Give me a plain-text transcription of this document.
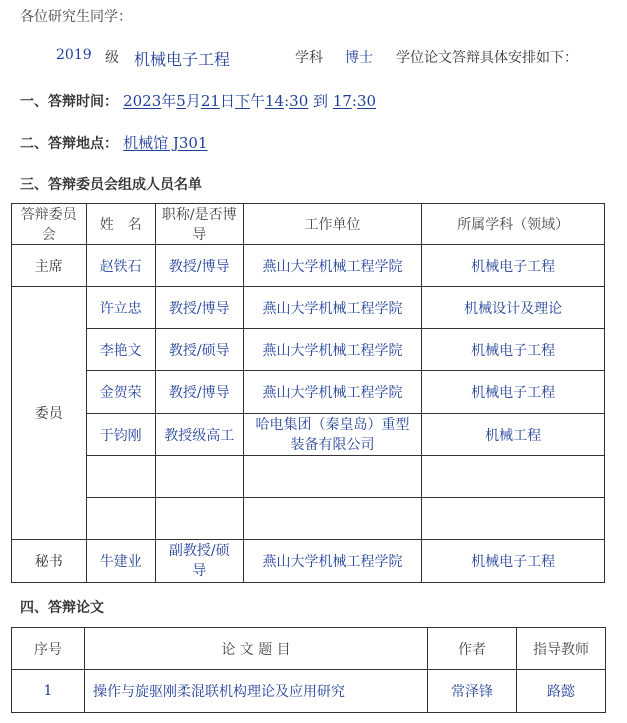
各位研究生同学：
2019 级 机械电子工程	学科 博士 学位论文答辩具体安排如下：
一、答辩时间： 2023年5月21日下午14:30 到 17:30
二、答辩地点： 机械馆 J301
三、答辩委员会组成人员名单
答辩委员会	姓　名	职称/是否博导	工作单位	所属学科（领域）
主席	赵铁石	教授/博导	燕山大学机械工程学院	机械电子工程
委员	许立忠	教授/博导	燕山大学机械工程学院	机械设计及理论
	李艳文	教授/硕导	燕山大学机械工程学院	机械电子工程
	金贺荣	教授/博导	燕山大学机械工程学院	机械电子工程
	于钧刚	教授级高工	哈电集团（秦皇岛）重型装备有限公司	机械工程

秘书	牛建业	副教授/硕导	燕山大学机械工程学院	机械电子工程
四、答辩论文
序号	论 文 题 目	作者	指导教师
1	操作与旋驱刚柔混联机构理论及应用研究	常泽锋	路懿
